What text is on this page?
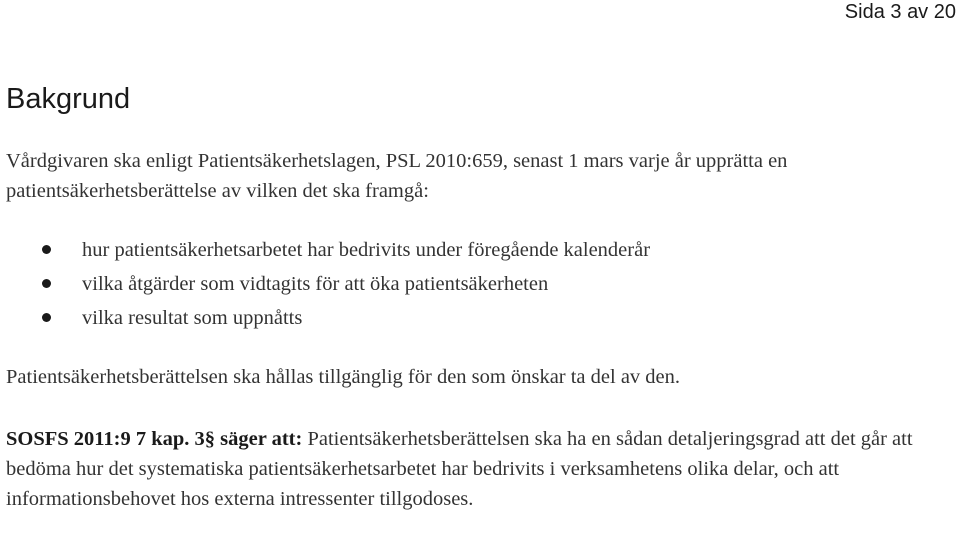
Sida 3 av 20
Bakgrund

Vårdgivaren ska enligt Patientsäkerhetslagen, PSL 2010:659, senast 1 mars varje år upprätta en patientsäkerhetsberättelse av vilken det ska framgå:

hur patientsäkerhetsarbetet har bedrivits under föregående kalenderår
vilka åtgärder som vidtagits för att öka patientsäkerheten
vilka resultat som uppnåtts

Patientsäkerhetsberättelsen ska hållas tillgänglig för den som önskar ta del av den.

SOSFS 2011:9 7 kap. 3§ säger att: Patientsäkerhetsberättelsen ska ha en sådan detaljeringsgrad att det går att bedöma hur det systematiska patientsäkerhetsarbetet har bedrivits i verksamhetens olika delar, och att informationsbehovet hos externa intressenter tillgodoses.
